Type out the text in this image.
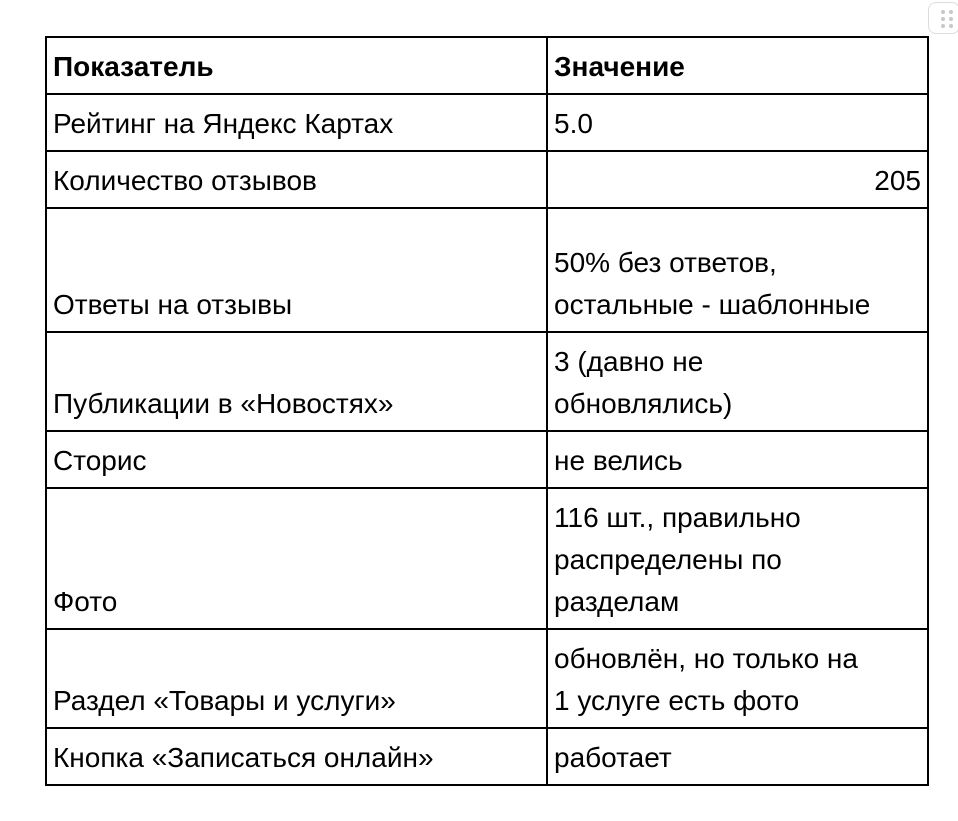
Показатель	Значение
Рейтинг на Яндекс Картах	5.0
Количество отзывов	205
Ответы на отзывы	50% без ответов,
остальные - шаблонные
Публикации в «Новостях»	3 (давно не
обновлялись)
Сторис	не велись
Фото	116 шт., правильно
распределены по
разделам
Раздел «Товары и услуги»	обновлён, но только на
1 услуге есть фото
Кнопка «Записаться онлайн»	работает
